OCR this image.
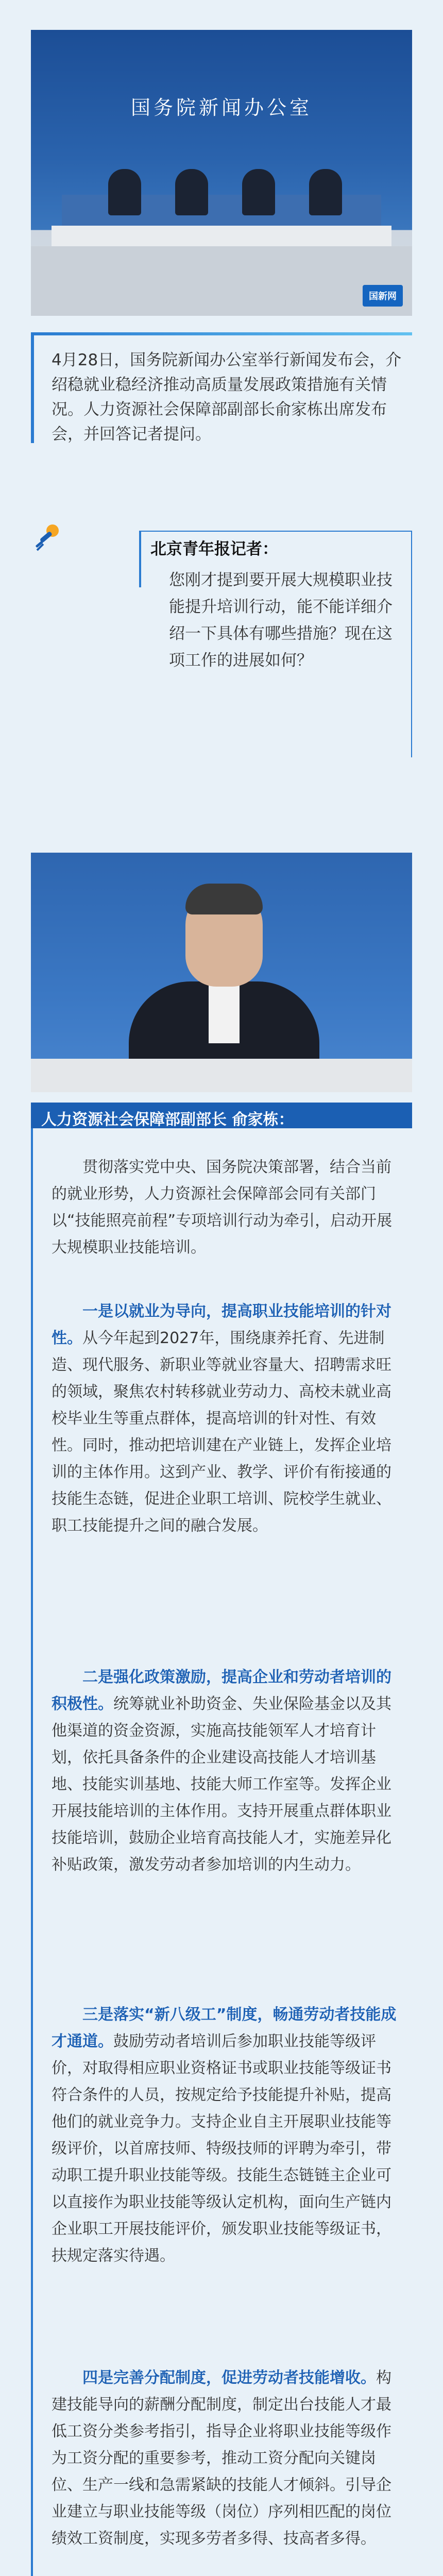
国务院新闻办公室
国新网

4月28日，国务院新闻办公室举行新闻发布会，介绍稳就业稳经济推动高质量发展政策措施有关情况。人力资源社会保障部副部长俞家栋出席发布会，并回答记者提问。

北京青年报记者：

您刚才提到要开展大规模职业技能提升培训行动，能不能详细介绍一下具体有哪些措施？现在这项工作的进展如何？

人力资源社会保障部副部长 俞家栋：

贯彻落实党中央、国务院决策部署，结合当前的就业形势，人力资源社会保障部会同有关部门以“技能照亮前程”专项培训行动为牵引，启动开展大规模职业技能培训。

一是以就业为导向，提高职业技能培训的针对性。从今年起到2027年，围绕康养托育、先进制造、现代服务、新职业等就业容量大、招聘需求旺的领域，聚焦农村转移就业劳动力、高校未就业高校毕业生等重点群体，提高培训的针对性、有效性。同时，推动把培训建在产业链上，发挥企业培训的主体作用。这到产业、教学、评价有衔接通的技能生态链，促进企业职工培训、院校学生就业、职工技能提升之间的融合发展。

二是强化政策激励，提高企业和劳动者培训的积极性。统筹就业补助资金、失业保险基金以及其他渠道的资金资源，实施高技能领军人才培育计划，依托具备条件的企业建设高技能人才培训基地、技能实训基地、技能大师工作室等。发挥企业开展技能培训的主体作用。支持开展重点群体职业技能培训，鼓励企业培育高技能人才，实施差异化补贴政策，激发劳动者参加培训的内生动力。

三是落实“新八级工”制度，畅通劳动者技能成才通道。鼓励劳动者培训后参加职业技能等级评价，对取得相应职业资格证书或职业技能等级证书符合条件的人员，按规定给予技能提升补贴，提高他们的就业竞争力。支持企业自主开展职业技能等级评价，以首席技师、特级技师的评聘为牵引，带动职工提升职业技能等级。技能生态链链主企业可以直接作为职业技能等级认定机构，面向生产链内企业职工开展技能评价，颁发职业技能等级证书，扶规定落实待遇。

四是完善分配制度，促进劳动者技能增收。构建技能导向的薪酬分配制度，制定出台技能人才最低工资分类参考指引，指导企业将职业技能等级作为工资分配的重要参考，推动工资分配向关键岗位、生产一线和急需紧缺的技能人才倾斜。引导企业建立与职业技能等级（岗位）序列相匹配的岗位绩效工资制度，实现多劳者多得、技高者多得。
